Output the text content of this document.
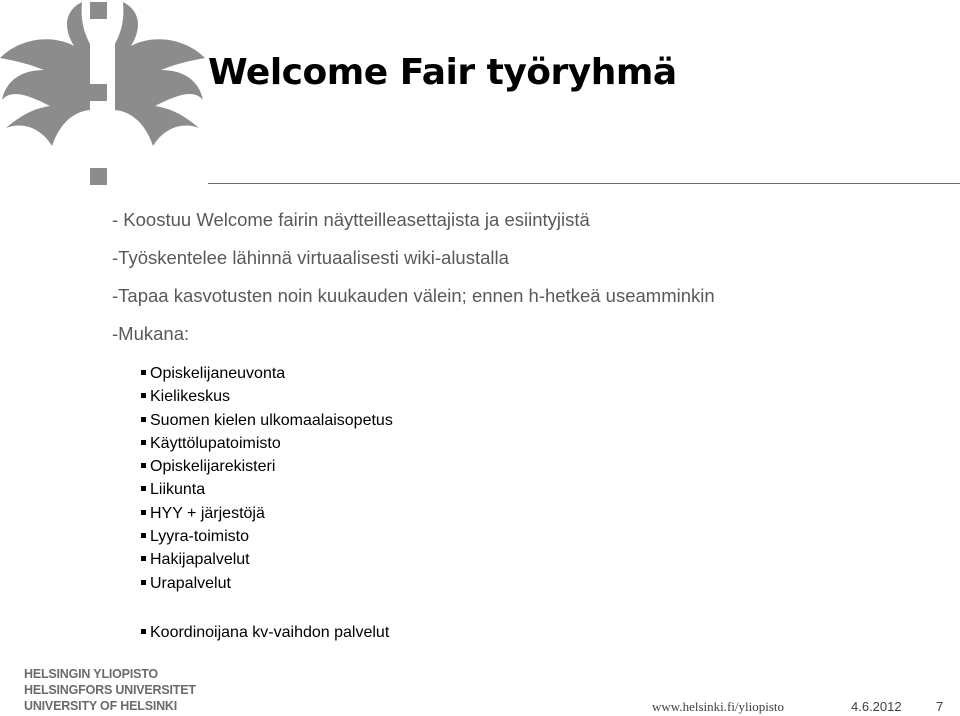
Welcome Fair työryhmä
- Koostuu Welcome fairin näytteilleasettajista ja esiintyjistä
-Työskentelee lähinnä virtuaalisesti wiki-alustalla
-Tapaa kasvotusten noin kuukauden välein; ennen h-hetkeä useamminkin
-Mukana:
Opiskelijaneuvonta
Kielikeskus
Suomen kielen ulkomaalaisopetus
Käyttölupatoimisto
Opiskelijarekisteri
Liikunta
HYY + järjestöjä
Lyyra-toimisto
Hakijapalvelut
Urapalvelut
Koordinoijana kv-vaihdon palvelut
HELSINGIN YLIOPISTO
HELSINGFORS UNIVERSITET
UNIVERSITY OF HELSINKI	www.helsinki.fi/yliopisto	4.6.2012	7
